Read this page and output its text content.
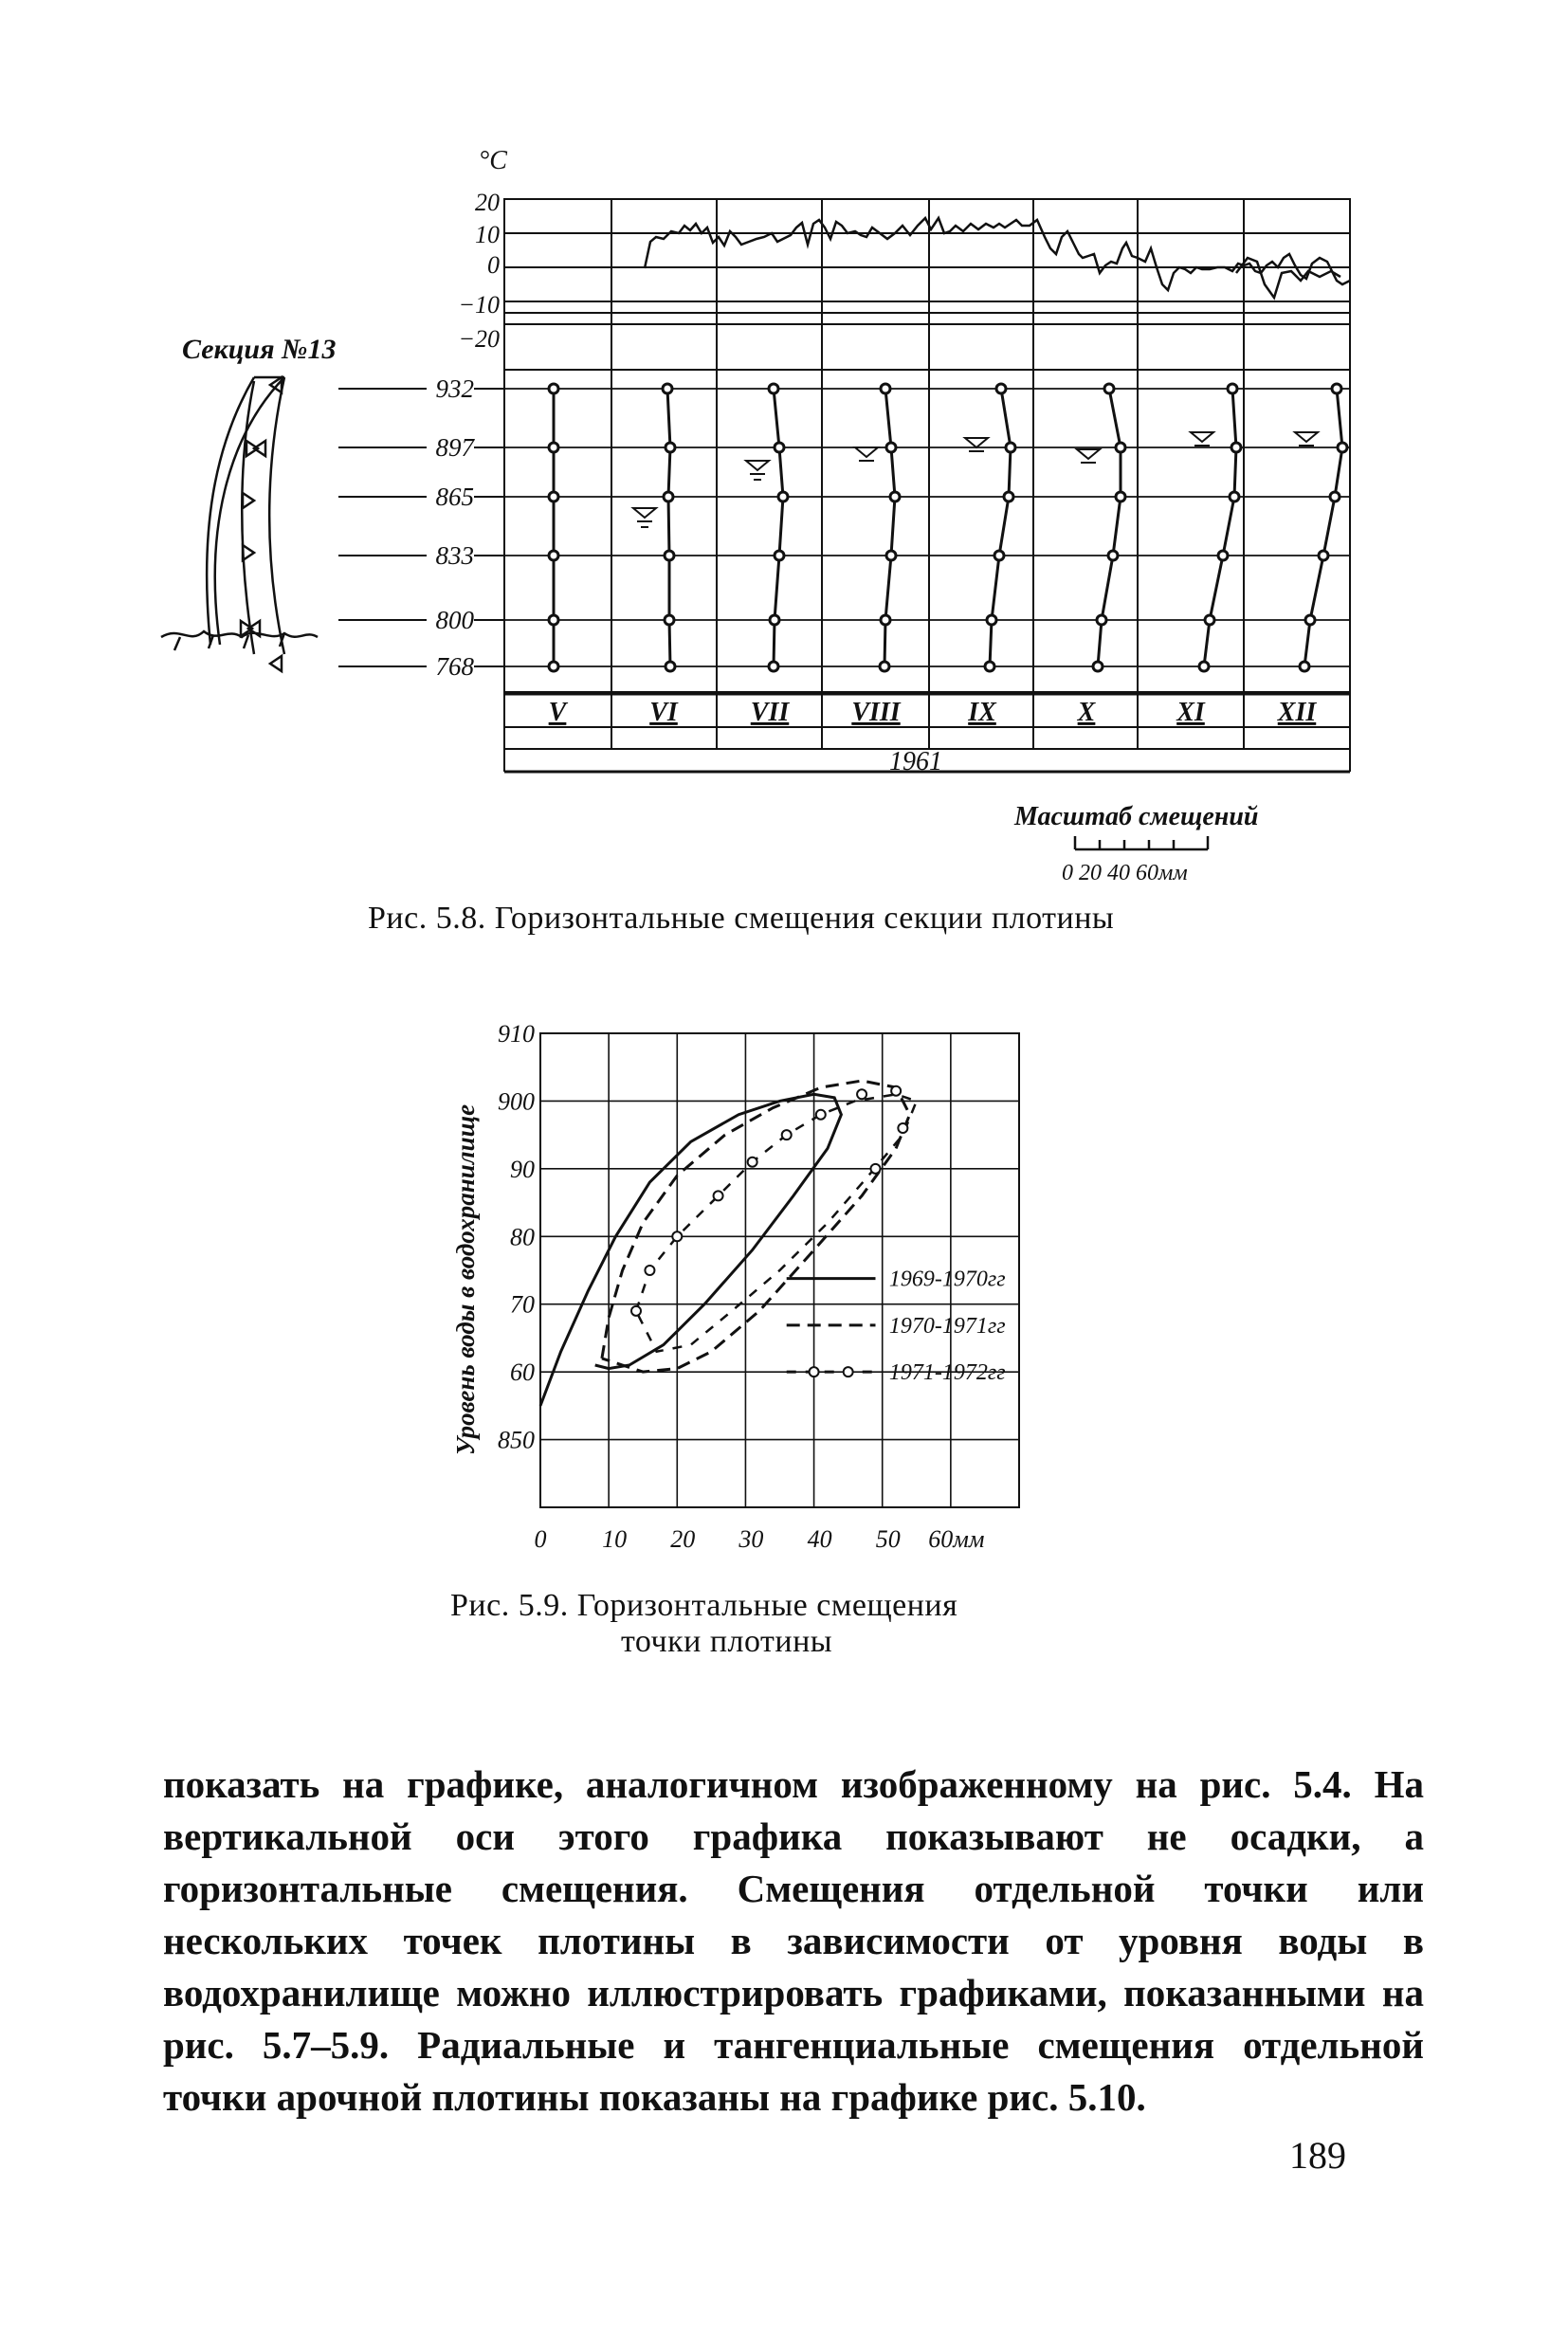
°C
20
10
0
−10
−20
932
897
865
833
800
768
Секция №13
V	VI	VII VIII	IX	X	XI	XII
1961
Масштаб смещений
0 20 40 60мм
Рис. 5.8. Горизонтальные смещения секции плотины
910
900
90
80
70
60
850
0 10 20 30 40 50 60мм
1969-1970гг
1970-1971гг
1971-1972гг
Уровень воды в водохранилище
Рис. 5.9. Горизонтальные смещения
точки плотины
показать на графике, аналогичном изображенному на рис. 5.4. На вертикальной оси этого графика показывают не осадки, а горизонтальные смещения. Смещения отдельной точки или нескольких точек плотины в зависимости от уровня воды в водохранилище можно иллюстрировать графиками, показанными на рис. 5.7–5.9. Радиальные и тангенциальные смещения отдельной точки арочной плотины показаны на графике рис. 5.10.
189
